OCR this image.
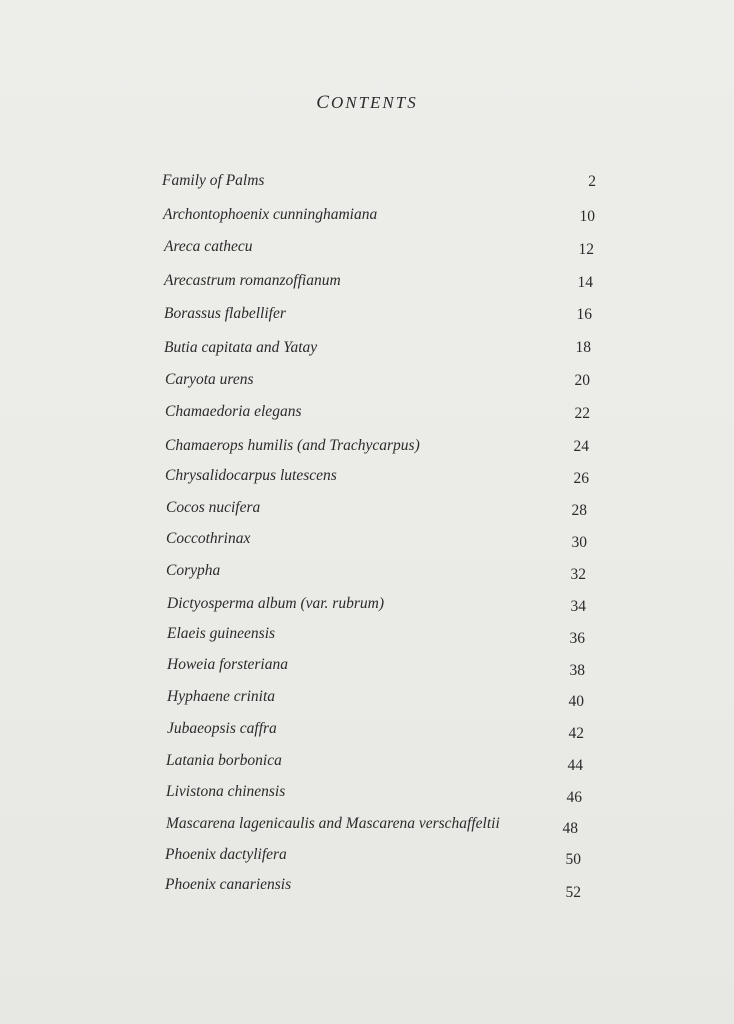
CONTENTS
Family of Palms	2
Archontophoenix cunninghamiana	10
Areca cathecu	12
Arecastrum romanzoffianum	14
Borassus flabellifer	16
Butia capitata and Yatay	18
Caryota urens	20
Chamaedoria elegans	22
Chamaerops humilis (and Trachycarpus)	24
Chrysalidocarpus lutescens	26
Cocos nucifera	28
Coccothrinax	30
Corypha	32
Dictyosperma album (var. rubrum)	34
Elaeis guineensis	36
Howeia forsteriana	38
Hyphaene crinita	40
Jubaeopsis caffra	42
Latania borbonica	44
Livistona chinensis	46
Mascarena lagenicaulis and Mascarena verschaffeltii	48
Phoenix dactylifera	50
Phoenix canariensis	52
